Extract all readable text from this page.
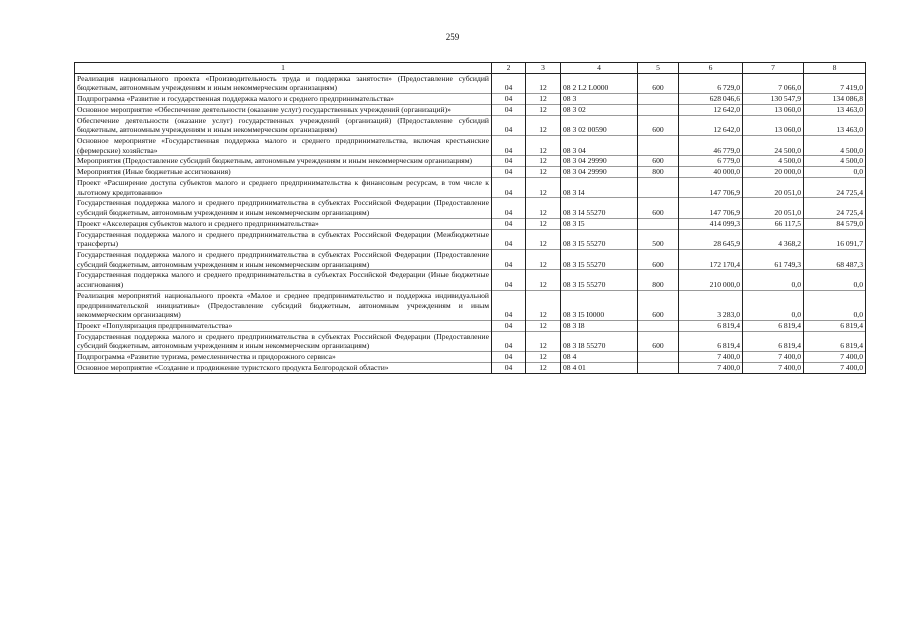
259
1	2	3	4	5	6	7	8
Реализация национального проекта «Производительность труда и поддержка занятости» (Предоставление субсидий бюджетным, автономным учреждениям и иным некоммерческим организациям)	04	12	08 2 L2 L0000	600	6 729,0	7 066,0	7 419,0
Подпрограмма «Развитие и государственная поддержка малого и среднего предпринимательства»	04	12	08 3		628 046,6	130 547,9	134 086,8
Основное мероприятие «Обеспечение деятельности (оказание услуг) государственных учреждений (организаций)»	04	12	08 3 02		12 642,0	13 060,0	13 463,0
Обеспечение деятельности (оказание услуг) государственных учреждений (организаций) (Предоставление субсидий бюджетным, автономным учреждениям и иным некоммерческим организациям)	04	12	08 3 02 00590	600	12 642,0	13 060,0	13 463,0
Основное мероприятие «Государственная поддержка малого и среднего предпринимательства, включая крестьянские (фермерские) хозяйства»	04	12	08 3 04		46 779,0	24 500,0	4 500,0
Мероприятия (Предоставление субсидий бюджетным, автономным учреждениям и иным некоммерческим организациям)	04	12	08 3 04 29990	600	6 779,0	4 500,0	4 500,0
Мероприятия (Иные бюджетные ассигнования)	04	12	08 3 04 29990	800	40 000,0	20 000,0	0,0
Проект «Расширение доступа субъектов малого и среднего предпринимательства к финансовым ресурсам, в том числе к льготному кредитованию»	04	12	08 3 I4		147 706,9	20 051,0	24 725,4
Государственная поддержка малого и среднего предпринимательства в субъектах Российской Федерации (Предоставление субсидий бюджетным, автономным учреждениям и иным некоммерческим организациям)	04	12	08 3 I4 55270	600	147 706,9	20 051,0	24 725,4
Проект «Акселерация субъектов малого и среднего предпринимательства»	04	12	08 3 I5		414 099,3	66 117,5	84 579,0
Государственная поддержка малого и среднего предпринимательства в субъектах Российской Федерации (Межбюджетные трансферты)	04	12	08 3 I5 55270	500	28 645,9	4 368,2	16 091,7
Государственная поддержка малого и среднего предпринимательства в субъектах Российской Федерации (Предоставление субсидий бюджетным, автономным учреждениям и иным некоммерческим организациям)	04	12	08 3 I5 55270	600	172 170,4	61 749,3	68 487,3
Государственная поддержка малого и среднего предпринимательства в субъектах Российской Федерации (Иные бюджетные ассигнования)	04	12	08 3 I5 55270	800	210 000,0	0,0	0,0
Реализация мероприятий национального проекта «Малое и среднее предпринимательство и поддержка индивидуальной предпринимательской инициативы» (Предоставление субсидий бюджетным, автономным учреждениям и иным некоммерческим организациям)	04	12	08 3 I5 I0000	600	3 283,0	0,0	0,0
Проект «Популяризация предпринимательства»	04	12	08 3 I8		6 819,4	6 819,4	6 819,4
Государственная поддержка малого и среднего предпринимательства в субъектах Российской Федерации (Предоставление субсидий бюджетным, автономным учреждениям и иным некоммерческим организациям)	04	12	08 3 I8 55270	600	6 819,4	6 819,4	6 819,4
Подпрограмма «Развитие туризма, ремесленничества и придорожного сервиса»	04	12	08 4		7 400,0	7 400,0	7 400,0
Основное мероприятие «Создание и продвижение туристского продукта Белгородской области»	04	12	08 4 01		7 400,0	7 400,0	7 400,0
